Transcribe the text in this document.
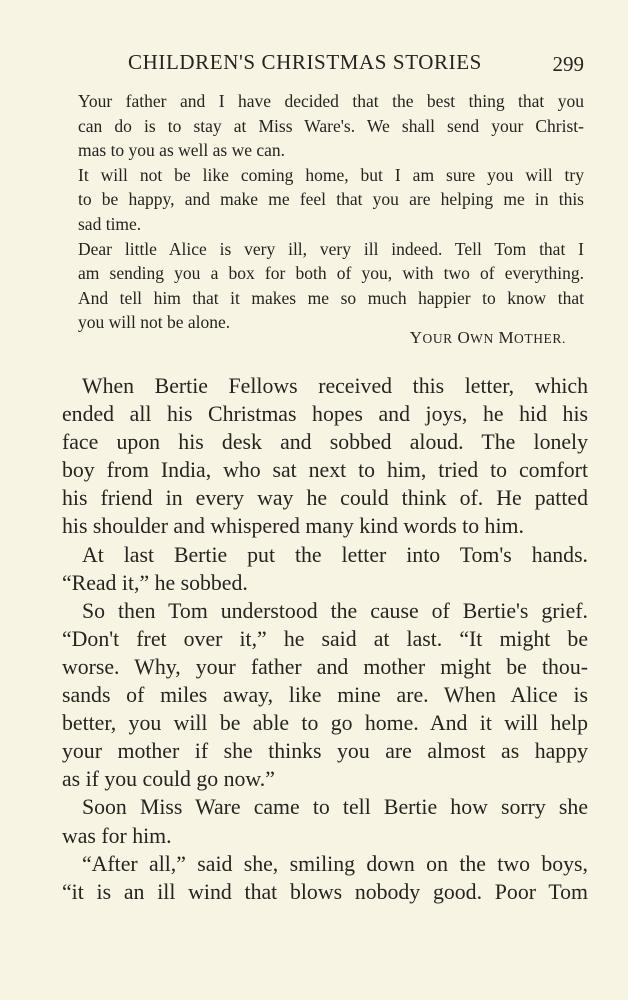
CHILDREN'S CHRISTMAS STORIES	299
Your father and I have decided that the best thing that you
can do is to stay at Miss Ware's. We shall send your Christ-
mas to you as well as we can.
It will not be like coming home, but I am sure you will try
to be happy, and make me feel that you are helping me in this
sad time.
Dear little Alice is very ill, very ill indeed. Tell Tom that I
am sending you a box for both of you, with two of everything.
And tell him that it makes me so much happier to know that
you will not be alone.
YOUR OWN MOTHER.
When Bertie Fellows received this letter, which
ended all his Christmas hopes and joys, he hid his
face upon his desk and sobbed aloud. The lonely
boy from India, who sat next to him, tried to comfort
his friend in every way he could think of. He patted
his shoulder and whispered many kind words to him.
At last Bertie put the letter into Tom's hands.
“Read it,” he sobbed.
So then Tom understood the cause of Bertie's grief.
“Don't fret over it,” he said at last. “It might be
worse. Why, your father and mother might be thou-
sands of miles away, like mine are. When Alice is
better, you will be able to go home. And it will help
your mother if she thinks you are almost as happy
as if you could go now.”
Soon Miss Ware came to tell Bertie how sorry she
was for him.
“After all,” said she, smiling down on the two boys,
“it is an ill wind that blows nobody good. Poor Tom
